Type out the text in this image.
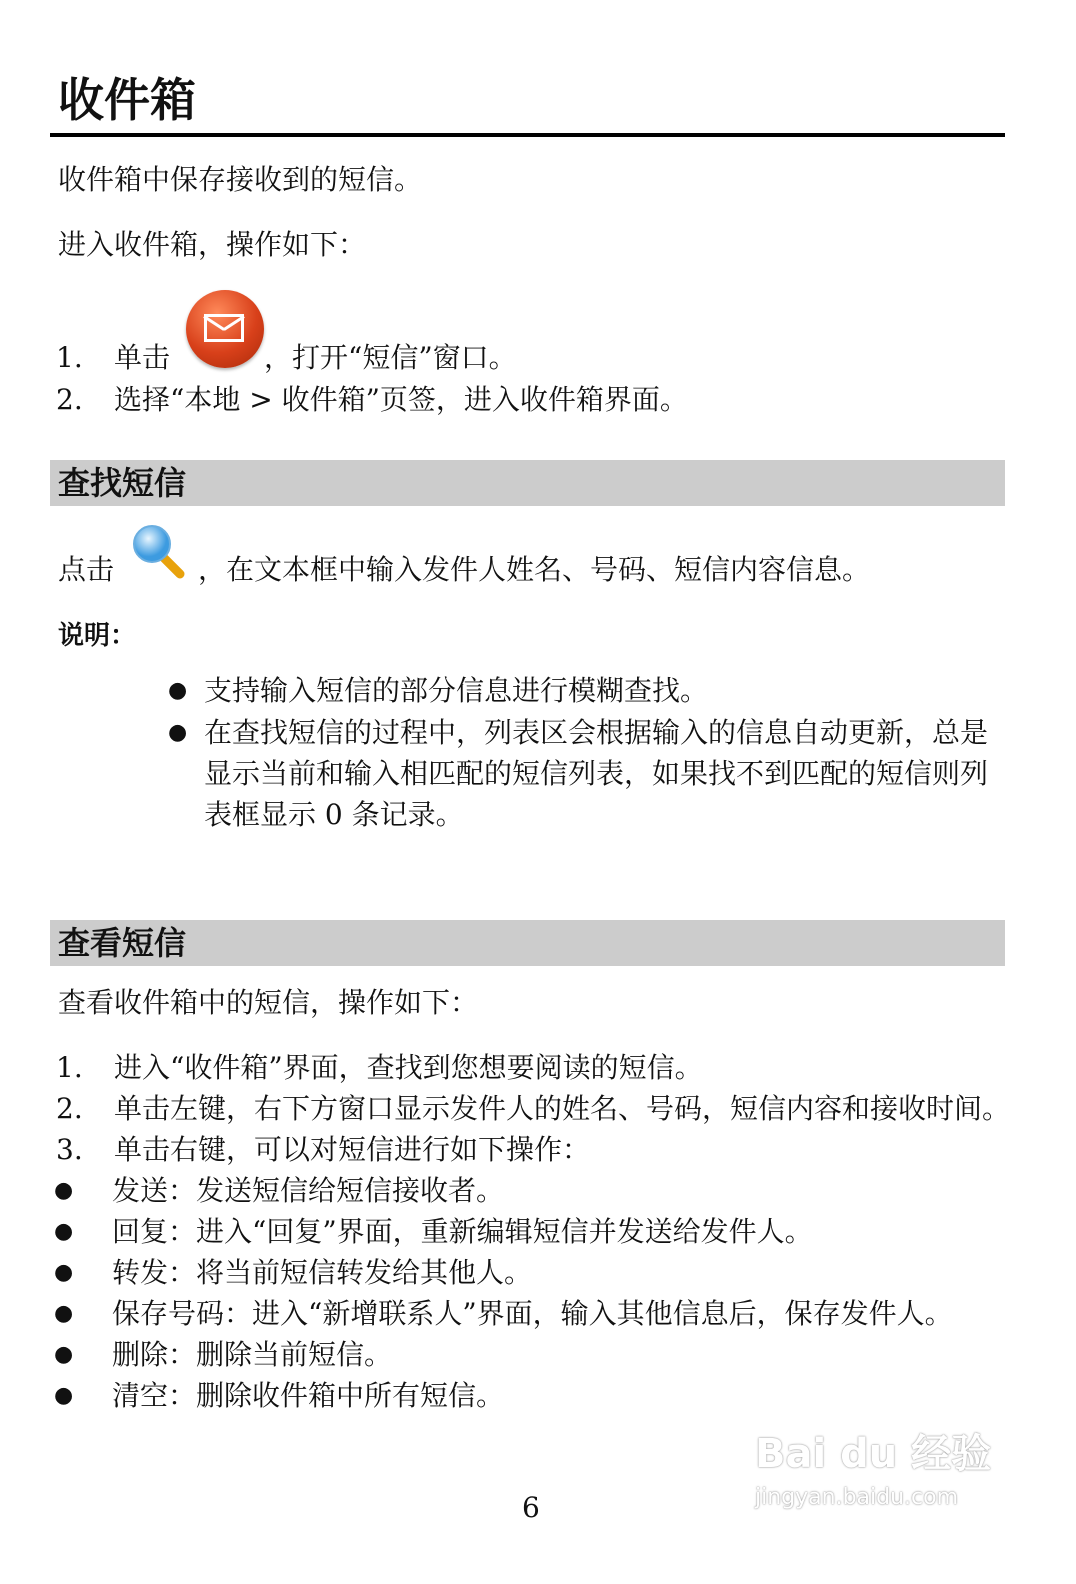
收件箱
收件箱中保存接收到的短信。
进入收件箱，操作如下：
1.	单击	，打开“短信”窗口。
2.	选择“本地 > 收件箱”页签，进入收件箱界面。
查找短信
点击	，在文本框中输入发件人姓名、号码、短信内容信息。
说明：
● 支持输入短信的部分信息进行模糊查找。
● 在查找短信的过程中，列表区会根据输入的信息自动更新，总是
显示当前和输入相匹配的短信列表，如果找不到匹配的短信则列
表框显示 0 条记录。
查看短信
查看收件箱中的短信，操作如下：
1.	进入“收件箱”界面，查找到您想要阅读的短信。
2.	单击左键，右下方窗口显示发件人的姓名、号码，短信内容和接收时间。
3.	单击右键，可以对短信进行如下操作：
●	发送：发送短信给短信接收者。
●	回复：进入“回复”界面，重新编辑短信并发送给发件人。
●	转发：将当前短信转发给其他人。
●	保存号码：进入“新增联系人”界面，输入其他信息后，保存发件人。
●	删除：删除当前短信。
●	清空：删除收件箱中所有短信。
6
Bai du 经验
jingyan.baidu.com
